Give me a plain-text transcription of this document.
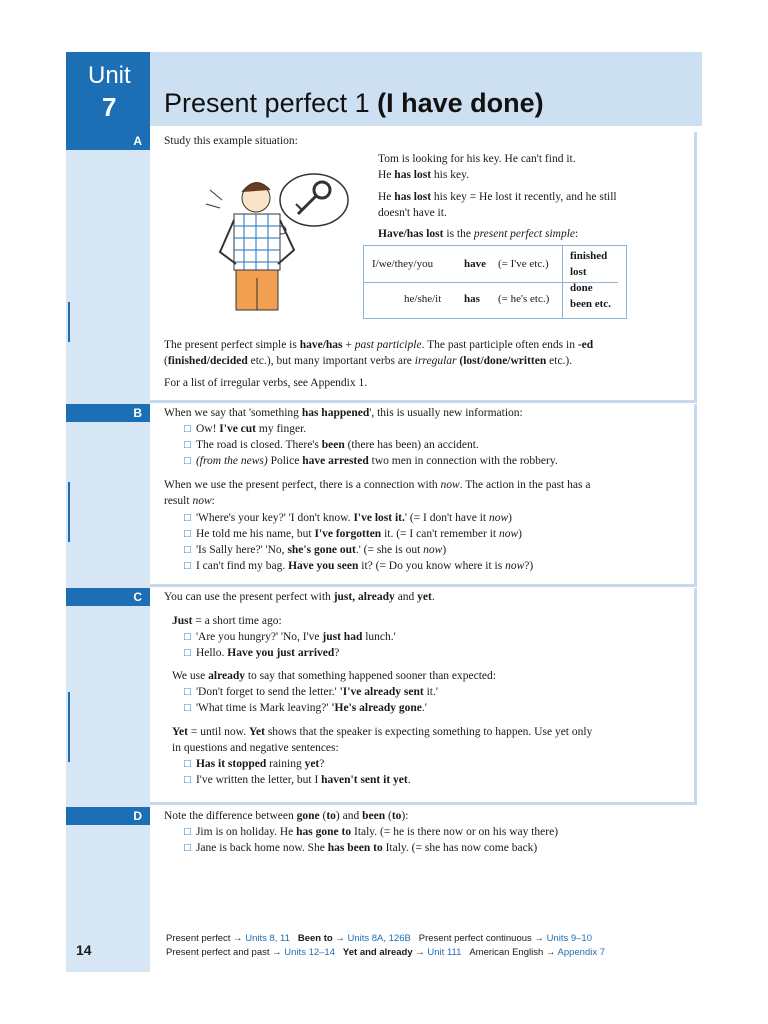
Unit
7 Present perfect 1 (I have done)
A
B
C
D
Study this example situation:
Tom is looking for his key. He can't find it.
He has lost his key.
He has lost his key = He lost it recently, and he still
doesn't have it.
Have/has lost is the present perfect simple:
I/we/they/you	have (= I've etc.)
he/she/it has (= he's etc.)
finished
lost
done
been etc.
The present perfect simple is have/has + past participle. The past participle often ends in -ed
(finished/decided etc.), but many important verbs are irregular (lost/done/written etc.).
For a list of irregular verbs, see Appendix 1.
When we say that 'something has happened', this is usually new information:
□ Ow! I've cut my finger.
□ The road is closed. There's been (there has been) an accident.
□ (from the news) Police have arrested two men in connection with the robbery.
When we use the present perfect, there is a connection with now. The action in the past has a
result now:
□ 'Where's your key?' 'I don't know. I've lost it.' (= I don't have it now)
□ He told me his name, but I've forgotten it. (= I can't remember it now)
□ 'Is Sally here?' 'No, she's gone out.' (= she is out now)
□ I can't find my bag. Have you seen it? (= Do you know where it is now?)
You can use the present perfect with just, already and yet.
Just = a short time ago:
□ 'Are you hungry?' 'No, I've just had lunch.'
□ Hello. Have you just arrived?
We use already to say that something happened sooner than expected:
□ 'Don't forget to send the letter.' 'I've already sent it.'
□ 'What time is Mark leaving?' 'He's already gone.'
Yet = until now. Yet shows that the speaker is expecting something to happen. Use yet only
in questions and negative sentences:
□ Has it stopped raining yet?
□ I've written the letter, but I haven't sent it yet.
Note the difference between gone (to) and been (to):
□ Jim is on holiday. He has gone to Italy. (= he is there now or on his way there)
□ Jane is back home now. She has been to Italy. (= she has now come back)
14
Present perfect → Units 8, 11 Been to → Units 8A, 126B Present perfect continuous → Units 9–10
Present perfect and past → Units 12–14 Yet and already → Unit 111 American English → Appendix 7
